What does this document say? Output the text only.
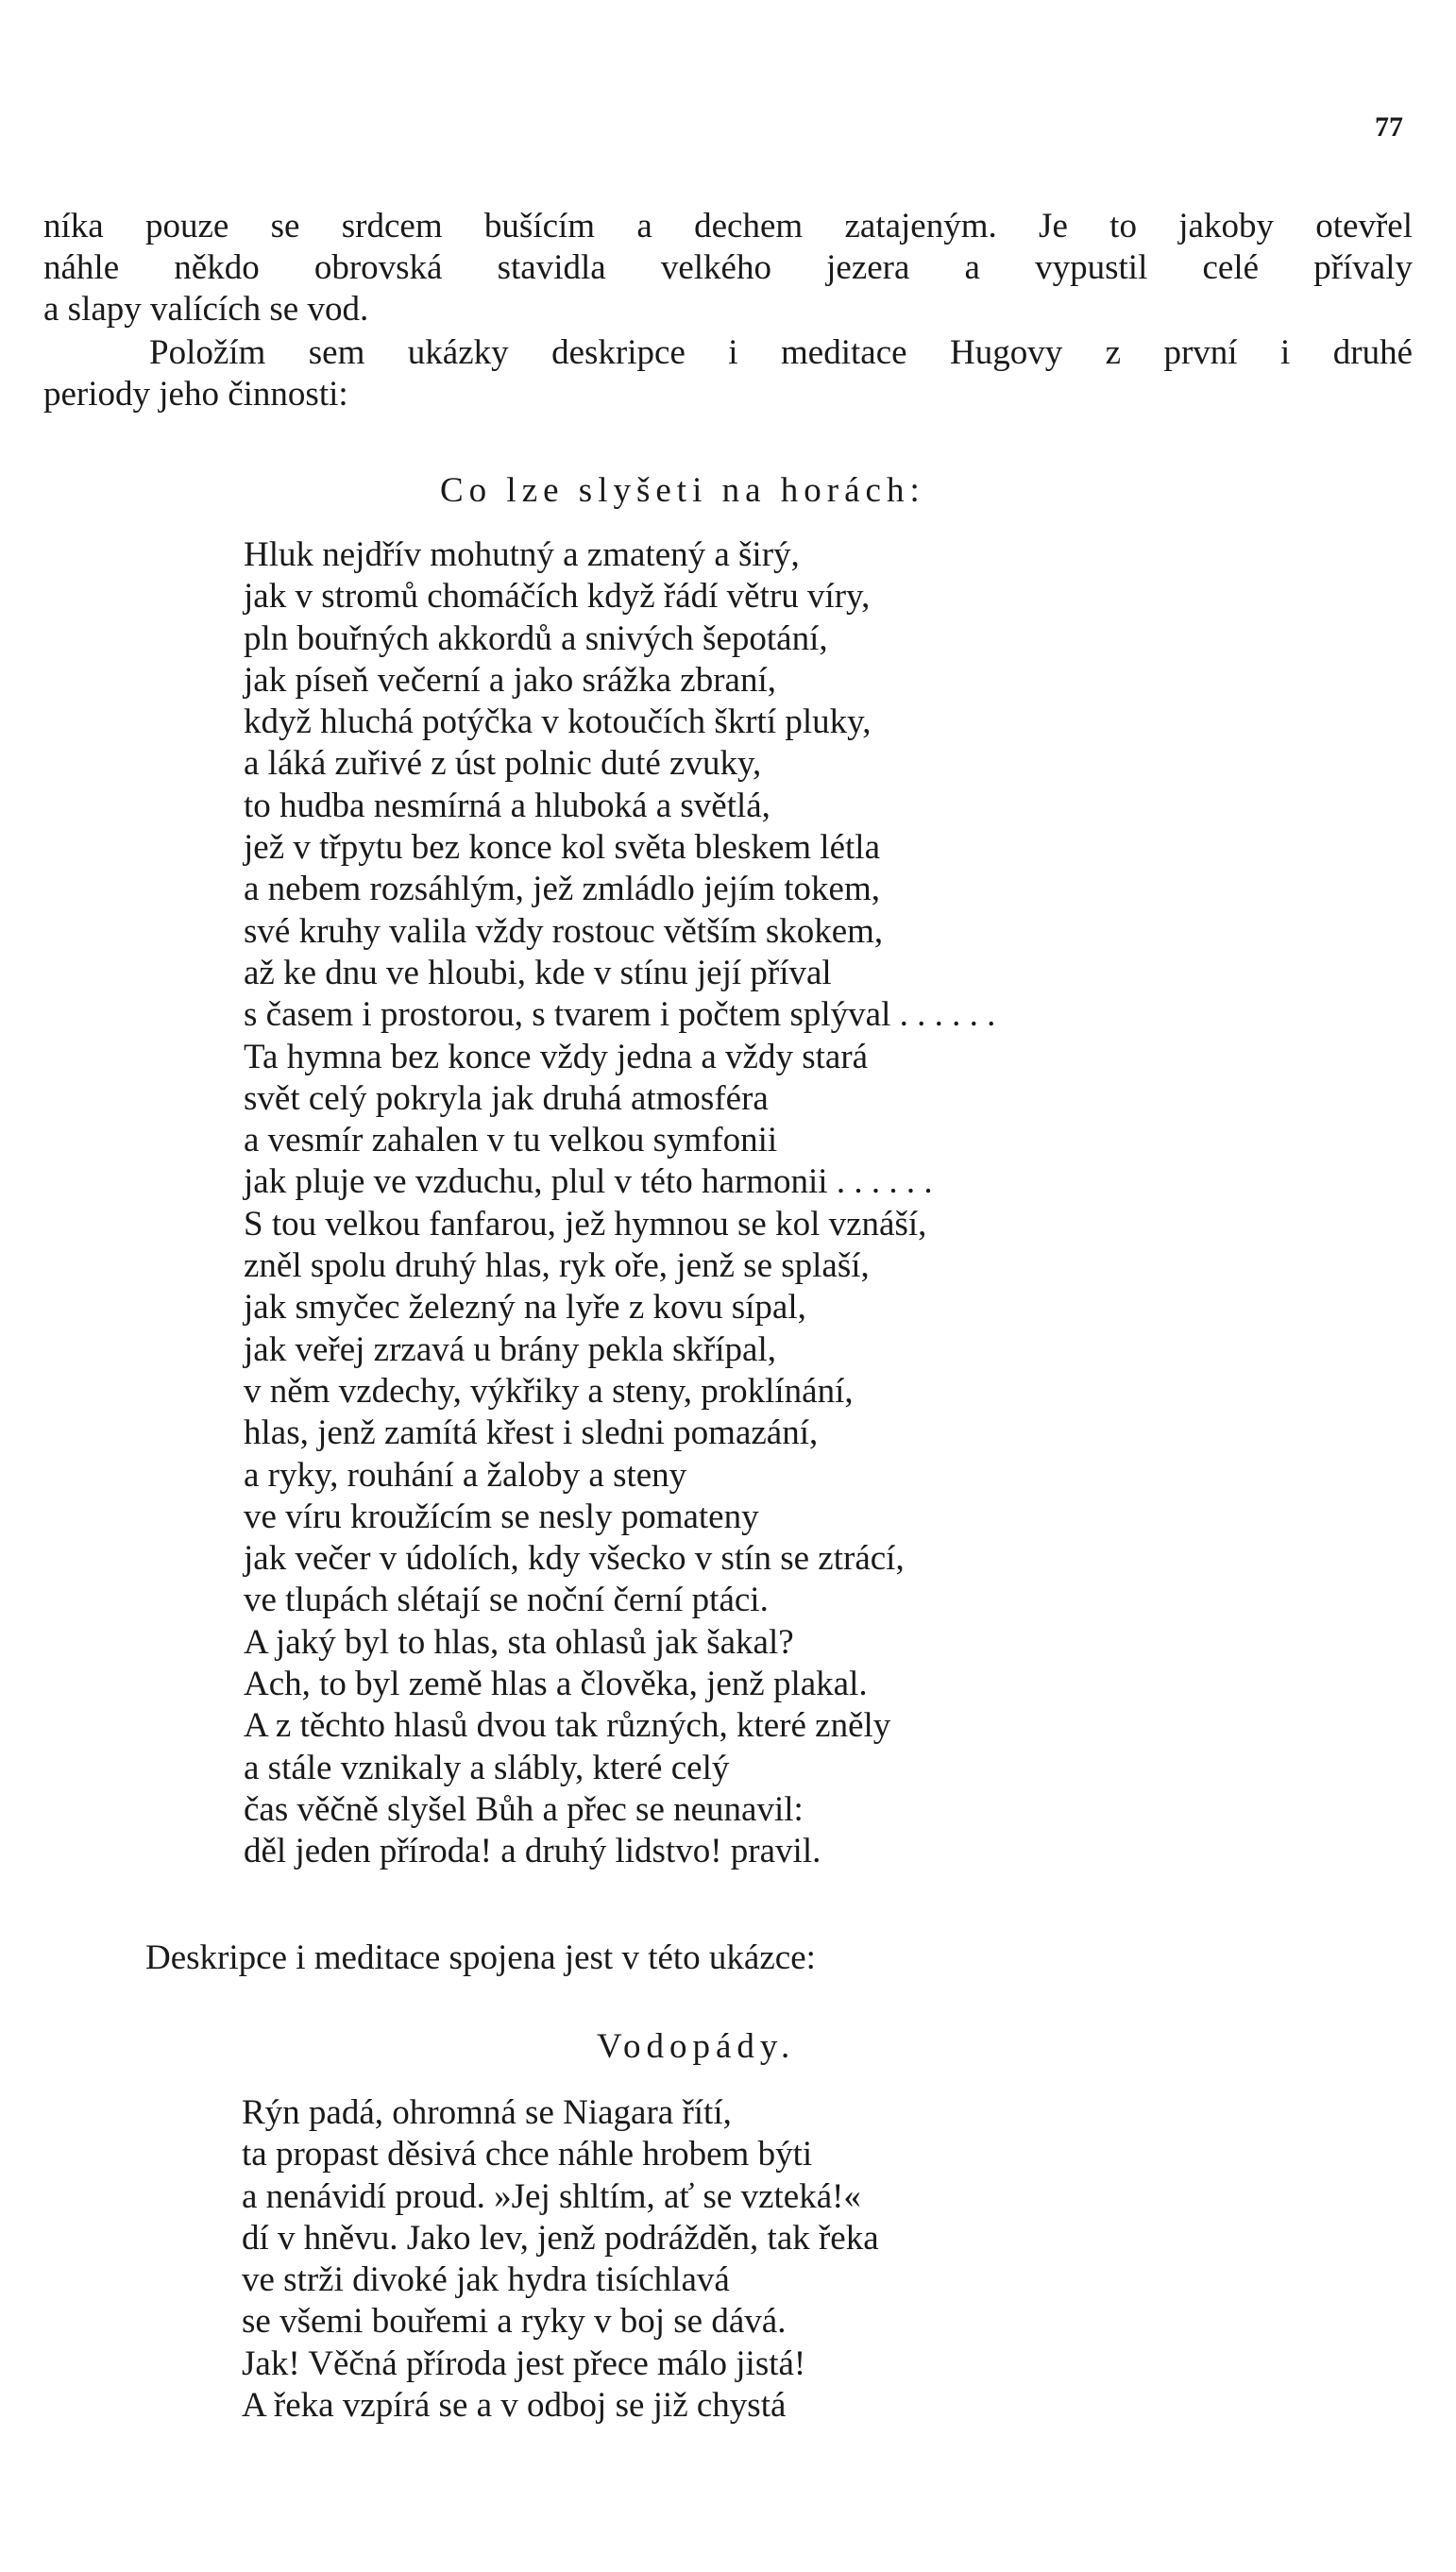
77
níka pouze se srdcem bušícím a dechem zatajeným. Je to jakoby otevřel
náhle někdo obrovská stavidla velkého jezera a vypustil celé přívaly
a slapy valících se vod.
Položím sem ukázky deskripce i meditace Hugovy z první i druhé
periody jeho činnosti:
Co lze slyšeti na horách:
Hluk nejdřív mohutný a zmatený a širý,
jak v stromů chomáčích když řádí větru víry,
pln bouřných akkordů a snivých šepotání,
jak píseň večerní a jako srážka zbraní,
když hluchá potýčka v kotoučích škrtí pluky,
a láká zuřivé z úst polnic duté zvuky,
to hudba nesmírná a hluboká a světlá,
jež v třpytu bez konce kol světa bleskem létla
a nebem rozsáhlým, jež zmládlo jejím tokem,
své kruhy valila vždy rostouc větším skokem,
až ke dnu ve hloubi, kde v stínu její příval
s časem i prostorou, s tvarem i počtem splýval . . . . . .
Ta hymna bez konce vždy jedna a vždy stará
svět celý pokryla jak druhá atmosféra
a vesmír zahalen v tu velkou symfonii
jak pluje ve vzduchu, plul v této harmonii . . . . . .
S tou velkou fanfarou, jež hymnou se kol vznáší,
zněl spolu druhý hlas, ryk oře, jenž se splaší,
jak smyčec železný na lyře z kovu sípal,
jak veřej zrzavá u brány pekla skřípal,
v něm vzdechy, výkřiky a steny, proklínání,
hlas, jenž zamítá křest i sledni pomazání,
a ryky, rouhání a žaloby a steny
ve víru kroužícím se nesly pomateny
jak večer v údolích, kdy všecko v stín se ztrácí,
ve tlupách slétají se noční černí ptáci.
A jaký byl to hlas, sta ohlasů jak šakal?
Ach, to byl země hlas a člověka, jenž plakal.
A z těchto hlasů dvou tak různých, které zněly
a stále vznikaly a slábly, které celý
čas věčně slyšel Bůh a přec se neunavil:
děl jeden příroda! a druhý lidstvo! pravil.
Deskripce i meditace spojena jest v této ukázce:
Vodopády.
Rýn padá, ohromná se Niagara řítí,
ta propast děsivá chce náhle hrobem býti
a nenávidí proud. »Jej shltím, ať se vzteká!«
dí v hněvu. Jako lev, jenž podrážděn, tak řeka
ve strži divoké jak hydra tisíchlavá
se všemi bouřemi a ryky v boj se dává.
Jak! Věčná příroda jest přece málo jistá!
A řeka vzpírá se a v odboj se již chystá
